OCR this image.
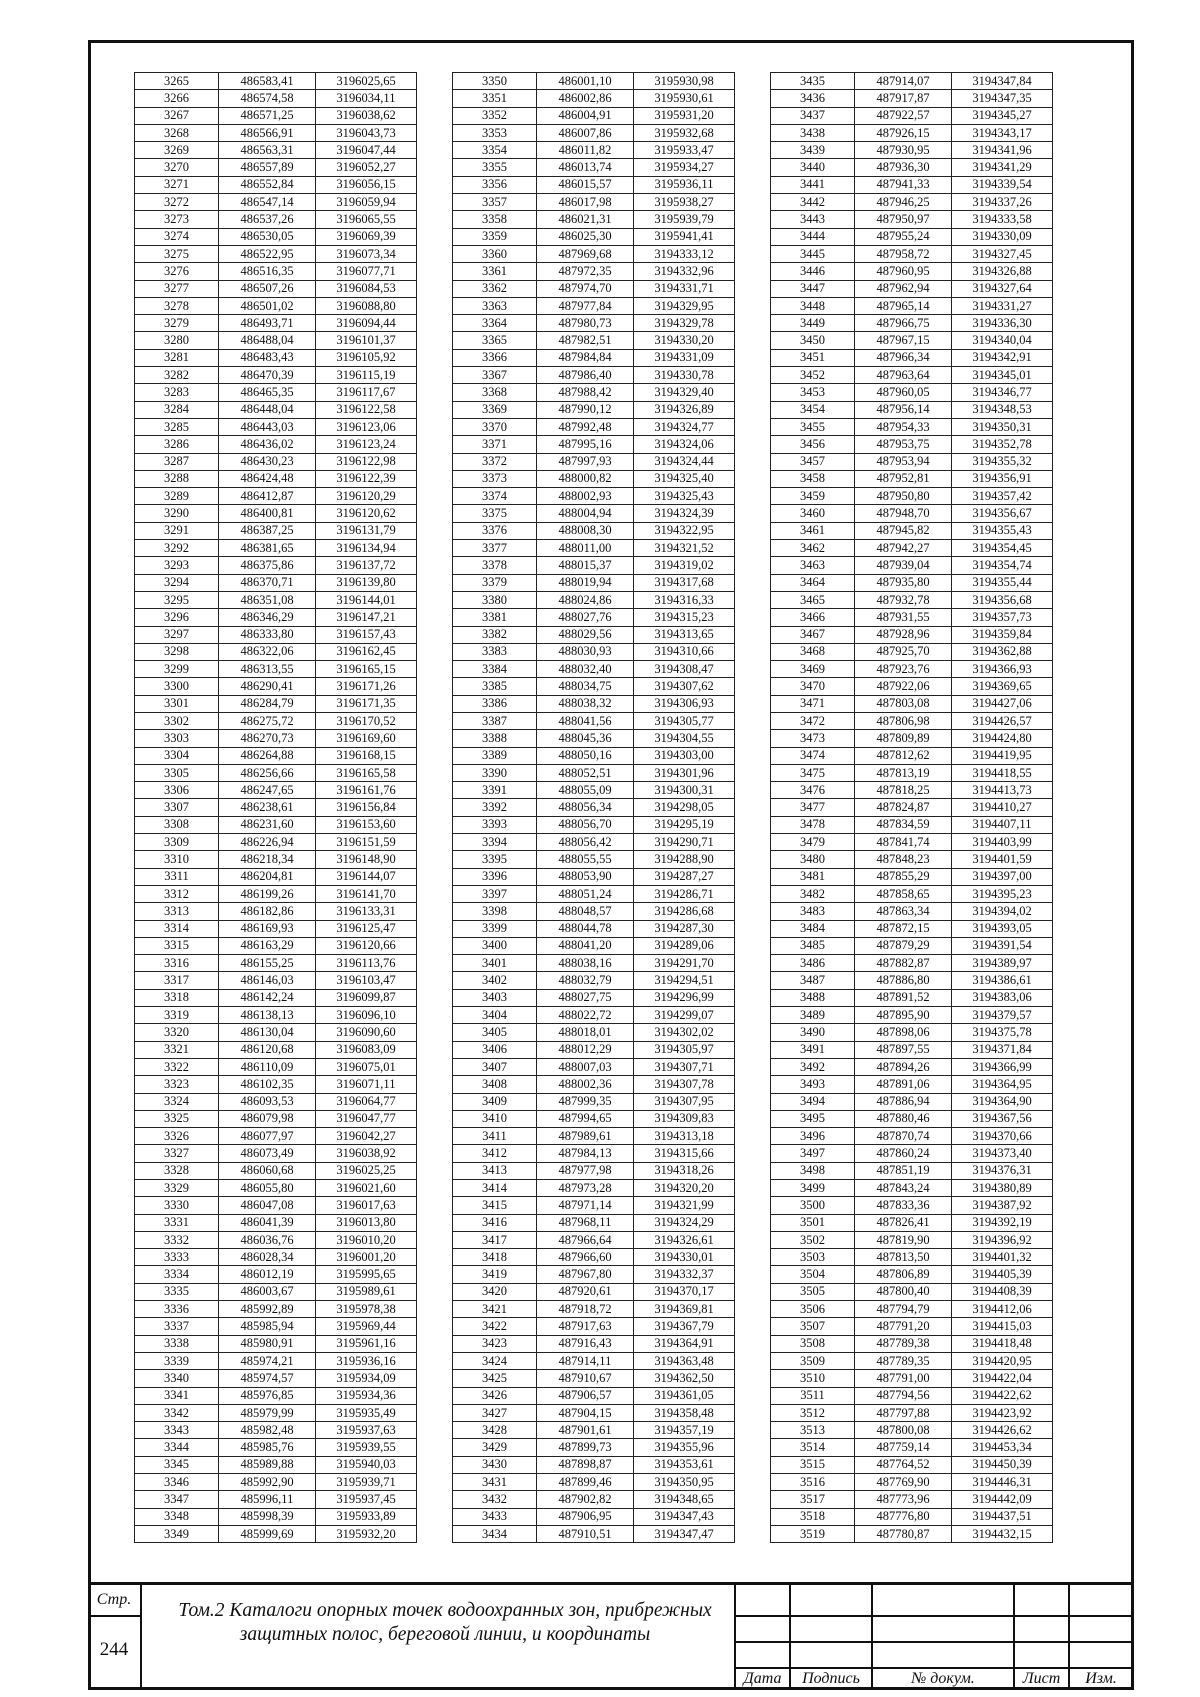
3265	486583,41	3196025,65
3266	486574,58	3196034,11
3267	486571,25	3196038,62
3268	486566,91	3196043,73
3269	486563,31	3196047,44
3270	486557,89	3196052,27
3271	486552,84	3196056,15
3272	486547,14	3196059,94
3273	486537,26	3196065,55
3274	486530,05	3196069,39
3275	486522,95	3196073,34
3276	486516,35	3196077,71
3277	486507,26	3196084,53
3278	486501,02	3196088,80
3279	486493,71	3196094,44
3280	486488,04	3196101,37
3281	486483,43	3196105,92
3282	486470,39	3196115,19
3283	486465,35	3196117,67
3284	486448,04	3196122,58
3285	486443,03	3196123,06
3286	486436,02	3196123,24
3287	486430,23	3196122,98
3288	486424,48	3196122,39
3289	486412,87	3196120,29
3290	486400,81	3196120,62
3291	486387,25	3196131,79
3292	486381,65	3196134,94
3293	486375,86	3196137,72
3294	486370,71	3196139,80
3295	486351,08	3196144,01
3296	486346,29	3196147,21
3297	486333,80	3196157,43
3298	486322,06	3196162,45
3299	486313,55	3196165,15
3300	486290,41	3196171,26
3301	486284,79	3196171,35
3302	486275,72	3196170,52
3303	486270,73	3196169,60
3304	486264,88	3196168,15
3305	486256,66	3196165,58
3306	486247,65	3196161,76
3307	486238,61	3196156,84
3308	486231,60	3196153,60
3309	486226,94	3196151,59
3310	486218,34	3196148,90
3311	486204,81	3196144,07
3312	486199,26	3196141,70
3313	486182,86	3196133,31
3314	486169,93	3196125,47
3315	486163,29	3196120,66
3316	486155,25	3196113,76
3317	486146,03	3196103,47
3318	486142,24	3196099,87
3319	486138,13	3196096,10
3320	486130,04	3196090,60
3321	486120,68	3196083,09
3322	486110,09	3196075,01
3323	486102,35	3196071,11
3324	486093,53	3196064,77
3325	486079,98	3196047,77
3326	486077,97	3196042,27
3327	486073,49	3196038,92
3328	486060,68	3196025,25
3329	486055,80	3196021,60
3330	486047,08	3196017,63
3331	486041,39	3196013,80
3332	486036,76	3196010,20
3333	486028,34	3196001,20
3334	486012,19	3195995,65
3335	486003,67	3195989,61
3336	485992,89	3195978,38
3337	485985,94	3195969,44
3338	485980,91	3195961,16
3339	485974,21	3195936,16
3340	485974,57	3195934,09
3341	485976,85	3195934,36
3342	485979,99	3195935,49
3343	485982,48	3195937,63
3344	485985,76	3195939,55
3345	485989,88	3195940,03
3346	485992,90	3195939,71
3347	485996,11	3195937,45
3348	485998,39	3195933,89
3349	485999,69	3195932,20
3350	486001,10	3195930,98
3351	486002,86	3195930,61
3352	486004,91	3195931,20
3353	486007,86	3195932,68
3354	486011,82	3195933,47
3355	486013,74	3195934,27
3356	486015,57	3195936,11
3357	486017,98	3195938,27
3358	486021,31	3195939,79
3359	486025,30	3195941,41
3360	487969,68	3194333,12
3361	487972,35	3194332,96
3362	487974,70	3194331,71
3363	487977,84	3194329,95
3364	487980,73	3194329,78
3365	487982,51	3194330,20
3366	487984,84	3194331,09
3367	487986,40	3194330,78
3368	487988,42	3194329,40
3369	487990,12	3194326,89
3370	487992,48	3194324,77
3371	487995,16	3194324,06
3372	487997,93	3194324,44
3373	488000,82	3194325,40
3374	488002,93	3194325,43
3375	488004,94	3194324,39
3376	488008,30	3194322,95
3377	488011,00	3194321,52
3378	488015,37	3194319,02
3379	488019,94	3194317,68
3380	488024,86	3194316,33
3381	488027,76	3194315,23
3382	488029,56	3194313,65
3383	488030,93	3194310,66
3384	488032,40	3194308,47
3385	488034,75	3194307,62
3386	488038,32	3194306,93
3387	488041,56	3194305,77
3388	488045,36	3194304,55
3389	488050,16	3194303,00
3390	488052,51	3194301,96
3391	488055,09	3194300,31
3392	488056,34	3194298,05
3393	488056,70	3194295,19
3394	488056,42	3194290,71
3395	488055,55	3194288,90
3396	488053,90	3194287,27
3397	488051,24	3194286,71
3398	488048,57	3194286,68
3399	488044,78	3194287,30
3400	488041,20	3194289,06
3401	488038,16	3194291,70
3402	488032,79	3194294,51
3403	488027,75	3194296,99
3404	488022,72	3194299,07
3405	488018,01	3194302,02
3406	488012,29	3194305,97
3407	488007,03	3194307,71
3408	488002,36	3194307,78
3409	487999,35	3194307,95
3410	487994,65	3194309,83
3411	487989,61	3194313,18
3412	487984,13	3194315,66
3413	487977,98	3194318,26
3414	487973,28	3194320,20
3415	487971,14	3194321,99
3416	487968,11	3194324,29
3417	487966,64	3194326,61
3418	487966,60	3194330,01
3419	487967,80	3194332,37
3420	487920,61	3194370,17
3421	487918,72	3194369,81
3422	487917,63	3194367,79
3423	487916,43	3194364,91
3424	487914,11	3194363,48
3425	487910,67	3194362,50
3426	487906,57	3194361,05
3427	487904,15	3194358,48
3428	487901,61	3194357,19
3429	487899,73	3194355,96
3430	487898,87	3194353,61
3431	487899,46	3194350,95
3432	487902,82	3194348,65
3433	487906,95	3194347,43
3434	487910,51	3194347,47
3435	487914,07	3194347,84
3436	487917,87	3194347,35
3437	487922,57	3194345,27
3438	487926,15	3194343,17
3439	487930,95	3194341,96
3440	487936,30	3194341,29
3441	487941,33	3194339,54
3442	487946,25	3194337,26
3443	487950,97	3194333,58
3444	487955,24	3194330,09
3445	487958,72	3194327,45
3446	487960,95	3194326,88
3447	487962,94	3194327,64
3448	487965,14	3194331,27
3449	487966,75	3194336,30
3450	487967,15	3194340,04
3451	487966,34	3194342,91
3452	487963,64	3194345,01
3453	487960,05	3194346,77
3454	487956,14	3194348,53
3455	487954,33	3194350,31
3456	487953,75	3194352,78
3457	487953,94	3194355,32
3458	487952,81	3194356,91
3459	487950,80	3194357,42
3460	487948,70	3194356,67
3461	487945,82	3194355,43
3462	487942,27	3194354,45
3463	487939,04	3194354,74
3464	487935,80	3194355,44
3465	487932,78	3194356,68
3466	487931,55	3194357,73
3467	487928,96	3194359,84
3468	487925,70	3194362,88
3469	487923,76	3194366,93
3470	487922,06	3194369,65
3471	487803,08	3194427,06
3472	487806,98	3194426,57
3473	487809,89	3194424,80
3474	487812,62	3194419,95
3475	487813,19	3194418,55
3476	487818,25	3194413,73
3477	487824,87	3194410,27
3478	487834,59	3194407,11
3479	487841,74	3194403,99
3480	487848,23	3194401,59
3481	487855,29	3194397,00
3482	487858,65	3194395,23
3483	487863,34	3194394,02
3484	487872,15	3194393,05
3485	487879,29	3194391,54
3486	487882,87	3194389,97
3487	487886,80	3194386,61
3488	487891,52	3194383,06
3489	487895,90	3194379,57
3490	487898,06	3194375,78
3491	487897,55	3194371,84
3492	487894,26	3194366,99
3493	487891,06	3194364,95
3494	487886,94	3194364,90
3495	487880,46	3194367,56
3496	487870,74	3194370,66
3497	487860,24	3194373,40
3498	487851,19	3194376,31
3499	487843,24	3194380,89
3500	487833,36	3194387,92
3501	487826,41	3194392,19
3502	487819,90	3194396,92
3503	487813,50	3194401,32
3504	487806,89	3194405,39
3505	487800,40	3194408,39
3506	487794,79	3194412,06
3507	487791,20	3194415,03
3508	487789,38	3194418,48
3509	487789,35	3194420,95
3510	487791,00	3194422,04
3511	487794,56	3194422,62
3512	487797,88	3194423,92
3513	487800,08	3194426,62
3514	487759,14	3194453,34
3515	487764,52	3194450,39
3516	487769,90	3194446,31
3517	487773,96	3194442,09
3518	487776,80	3194437,51
3519	487780,87	3194432,15
Стр.
244
Том.2 Каталоги опорных точек водоохранных зон, прибрежных
защитных полос, береговой линии, и координаты
Дата	Подпись	№ докум.	Лист	Изм.
